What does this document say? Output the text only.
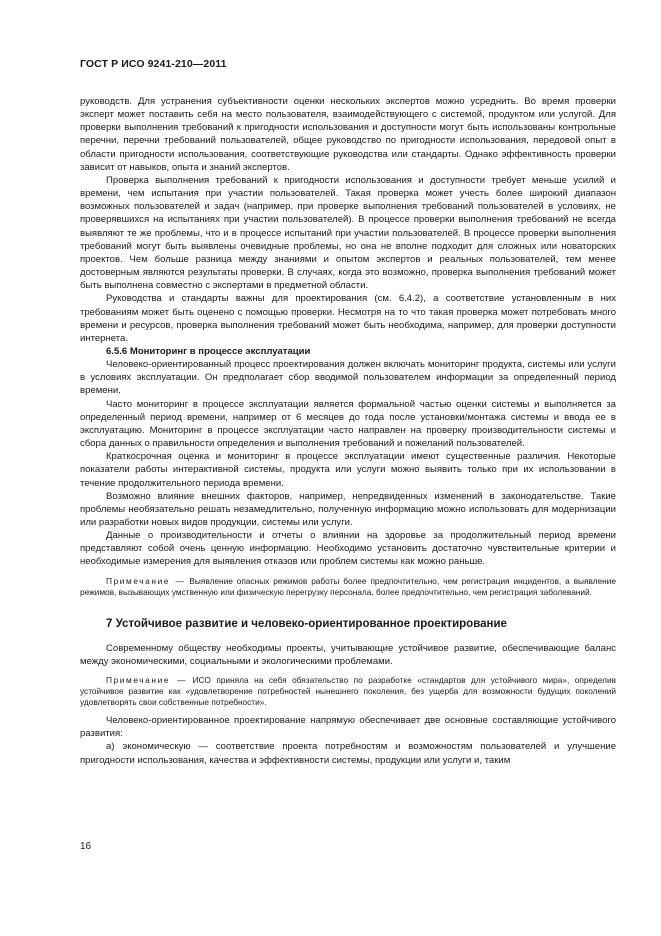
ГОСТ Р ИСО 9241-210—2011

руководств. Для устранения субъективности оценки нескольких экспертов можно усреднить. Во время проверки эксперт может поставить себя на место пользователя, взаимодействующего с системой, продуктом или услугой. Для проверки выполнения требований к пригодности использования и доступности могут быть использованы контрольные перечни, перечни требований пользователей, общее руководство по пригодности использования, передовой опыт в области пригодности использования, соответствующие руководства или стандарты. Однако эффективность проверки зависит от навыков, опыта и знаний экспертов.

Проверка выполнения требований к пригодности использования и доступности требует меньше усилий и времени, чем испытания при участии пользователей. Такая проверка может учесть более широкий диапазон возможных пользователей и задач (например, при проверке выполнения требований пользователей в условиях, не проверявшихся на испытаниях при участии пользователей). В процессе проверки выполнения требований не всегда выявляют те же проблемы, что и в процессе испытаний при участии пользователей. В процессе проверки выполнения требований могут быть выявлены очевидные проблемы, но она не вполне подходит для сложных или новаторских проектов. Чем больше разница между знаниями и опытом экспертов и реальных пользователей, тем менее достоверным являются результаты проверки. В случаях, когда это возможно, проверка выполнения требований может быть выполнена совместно с экспертами в предметной области.

Руководства и стандарты важны для проектирования (см. 6.4.2), а соответствие установленным в них требованиям может быть оценено с помощью проверки. Несмотря на то что такая проверка может потребовать много времени и ресурсов, проверка выполнения требований может быть необходима, например, для проверки доступности интернета.

6.5.6 Мониторинг в процессе эксплуатации

Человеко-ориентированный процесс проектирования должен включать мониторинг продукта, системы или услуги в условиях эксплуатации. Он предполагает сбор вводимой пользователем информации за определенный период времени.

Часто мониторинг в процессе эксплуатации является формальной частью оценки системы и выполняется за определенный период времени, например от 6 месяцев до года после установки/монтажа системы и ввода ее в эксплуатацию. Мониторинг в процессе эксплуатации часто направлен на проверку производительности системы и сбора данных о правильности определения и выполнения требований и пожеланий пользователей.

Краткосрочная оценка и мониторинг в процессе эксплуатации имеют существенные различия. Некоторые показатели работы интерактивной системы, продукта или услуги можно выявить только при их использовании в течение продолжительного периода времени.

Возможно влияние внешних факторов, например, непредвиденных изменений в законодательстве. Такие проблемы необязательно решать незамедлительно, полученную информацию можно использовать для модернизации или разработки новых видов продукции, системы или услуги.

Данные о производительности и отчеты о влиянии на здоровье за продолжительный период времени представляют собой очень ценную информацию. Необходимо установить достаточно чувствительные критерии и необходимые измерения для выявления отказов или проблем системы как можно раньше.

Примечание — Выявление опасных режимов работы более предпочтительно, чем регистрация инцидентов, а выявление режимов, вызывающих умственную или физическую перегрузку персонала, более предпочтительно, чем регистрация заболеваний.

7 Устойчивое развитие и человеко-ориентированное проектирование

Современному обществу необходимы проекты, учитывающие устойчивое развитие, обеспечивающие баланс между экономическими, социальными и экологическими проблемами.

Примечание — ИСО приняла на себя обязательство по разработке «стандартов для устойчивого мира», определив устойчивое развитие как «удовлетворение потребностей нынешнего поколения, без ущерба для возможности будущих поколений удовлетворять свои собственные потребности».

Человеко-ориентированное проектирование напрямую обеспечивает две основные составляющие устойчивого развития:

а) экономическую — соответствие проекта потребностям и возможностям пользователей и улучшение пригодности использования, качества и эффективности системы, продукции или услуги и, таким

16
